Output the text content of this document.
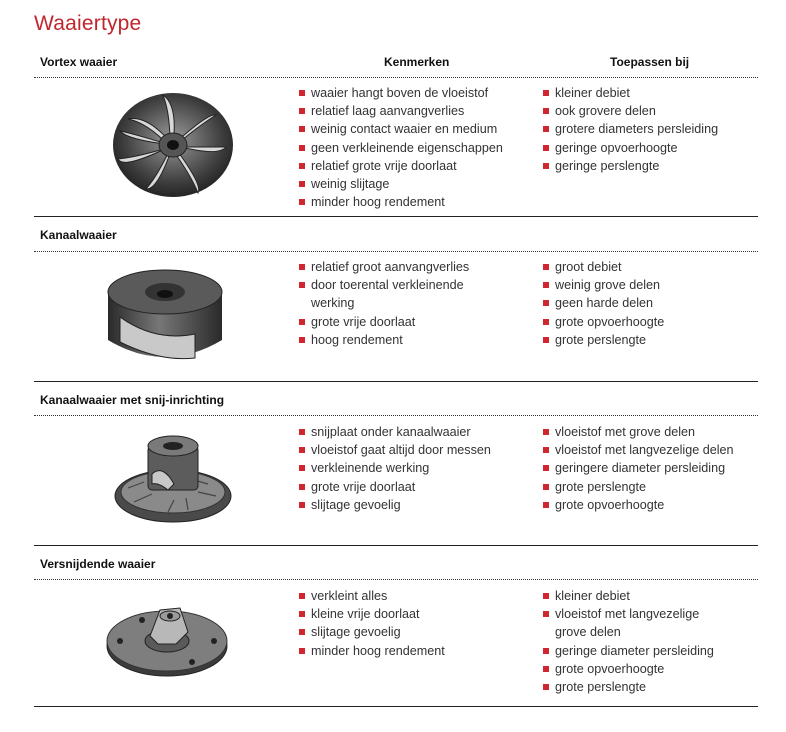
Waaiertype
Vortex waaier	Kenmerken	Toepassen bij
waaier hangt boven de vloeistof
relatief laag aanvangverlies
weinig contact waaier en medium
geen verkleinende eigenschappen
relatief grote vrije doorlaat
weinig slijtage
minder hoog rendement
kleiner debiet
ook grovere delen
grotere diameters persleiding
geringe opvoerhoogte
geringe perslengte
Kanaalwaaier
relatief groot aanvangverlies
door toerental verkleinende
werking
grote vrije doorlaat
hoog rendement
groot debiet
weinig grove delen
geen harde delen
grote opvoerhoogte
grote perslengte
Kanaalwaaier met snij-inrichting
snijplaat onder kanaalwaaier
vloeistof gaat altijd door messen
verkleinende werking
grote vrije doorlaat
slijtage gevoelig
vloeistof met grove delen
vloeistof met langvezelige delen
geringere diameter persleiding
grote perslengte
grote opvoerhoogte
Versnijdende waaier
verkleint alles
kleine vrije doorlaat
slijtage gevoelig
minder hoog rendement
kleiner debiet
vloeistof met langvezelige
grove delen
geringe diameter persleiding
grote opvoerhoogte
grote perslengte
